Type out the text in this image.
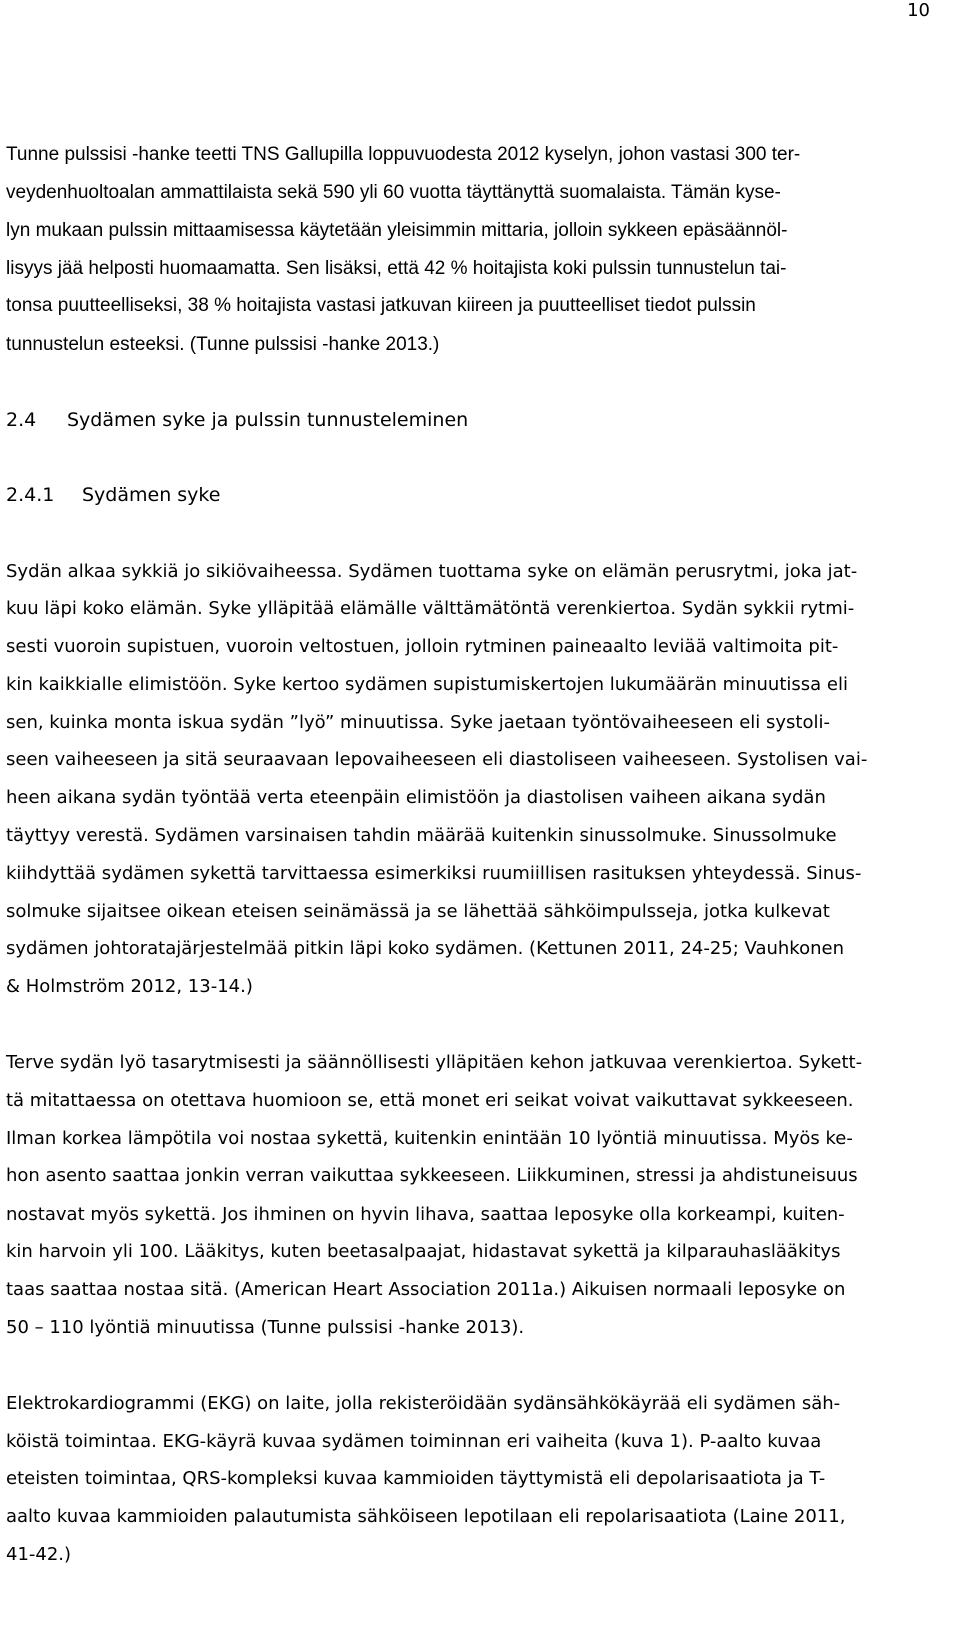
10

Tunne pulssisi -hanke teetti TNS Gallupilla loppuvuodesta 2012 kyselyn, johon vastasi 300 ter-

veydenhuoltoalan ammattilaista sekä 590 yli 60 vuotta täyttänyttä suomalaista. Tämän kyse-

lyn mukaan pulssin mittaamisessa käytetään yleisimmin mittaria, jolloin sykkeen epäsäännöl-

lisyys jää helposti huomaamatta. Sen lisäksi, että 42 % hoitajista koki pulssin tunnustelun tai-

tonsa puutteelliseksi, 38 % hoitajista vastasi jatkuvan kiireen ja puutteelliset tiedot pulssin

tunnustelun esteeksi. (Tunne pulssisi -hanke 2013.)

2.4 Sydämen syke ja pulssin tunnusteleminen
2.4.1 Sydämen syke

Sydän alkaa sykkiä jo sikiövaiheessa. Sydämen tuottama syke on elämän perusrytmi, joka jat-

kuu läpi koko elämän. Syke ylläpitää elämälle välttämätöntä verenkiertoa. Sydän sykkii rytmi-

sesti vuoroin supistuen, vuoroin veltostuen, jolloin rytminen paineaalto leviää valtimoita pit-

kin kaikkialle elimistöön. Syke kertoo sydämen supistumiskertojen lukumäärän minuutissa eli

sen, kuinka monta iskua sydän ”lyö” minuutissa. Syke jaetaan työntövaiheeseen eli systoli-

seen vaiheeseen ja sitä seuraavaan lepovaiheeseen eli diastoliseen vaiheeseen. Systolisen vai-

heen aikana sydän työntää verta eteenpäin elimistöön ja diastolisen vaiheen aikana sydän

täyttyy verestä. Sydämen varsinaisen tahdin määrää kuitenkin sinussolmuke. Sinussolmuke

kiihdyttää sydämen sykettä tarvittaessa esimerkiksi ruumiillisen rasituksen yhteydessä. Sinus-

solmuke sijaitsee oikean eteisen seinämässä ja se lähettää sähköimpulsseja, jotka kulkevat

sydämen johtoratajärjestelmää pitkin läpi koko sydämen. (Kettunen 2011, 24-25; Vauhkonen

& Holmström 2012, 13-14.)

Terve sydän lyö tasarytmisesti ja säännöllisesti ylläpitäen kehon jatkuvaa verenkiertoa. Sykett-

tä mitattaessa on otettava huomioon se, että monet eri seikat voivat vaikuttavat sykkeeseen.

Ilman korkea lämpötila voi nostaa sykettä, kuitenkin enintään 10 lyöntiä minuutissa. Myös ke-

hon asento saattaa jonkin verran vaikuttaa sykkeeseen. Liikkuminen, stressi ja ahdistuneisuus

nostavat myös sykettä. Jos ihminen on hyvin lihava, saattaa leposyke olla korkeampi, kuiten-

kin harvoin yli 100. Lääkitys, kuten beetasalpaajat, hidastavat sykettä ja kilparauhaslääkitys

taas saattaa nostaa sitä. (American Heart Association 2011a.) Aikuisen normaali leposyke on

50 – 110 lyöntiä minuutissa (Tunne pulssisi -hanke 2013).

Elektrokardiogrammi (EKG) on laite, jolla rekisteröidään sydänsähkökäyrää eli sydämen säh-

köistä toimintaa. EKG-käyrä kuvaa sydämen toiminnan eri vaiheita (kuva 1). P-aalto kuvaa

eteisten toimintaa, QRS-kompleksi kuvaa kammioiden täyttymistä eli depolarisaatiota ja T-

aalto kuvaa kammioiden palautumista sähköiseen lepotilaan eli repolarisaatiota (Laine 2011,

41-42.)
